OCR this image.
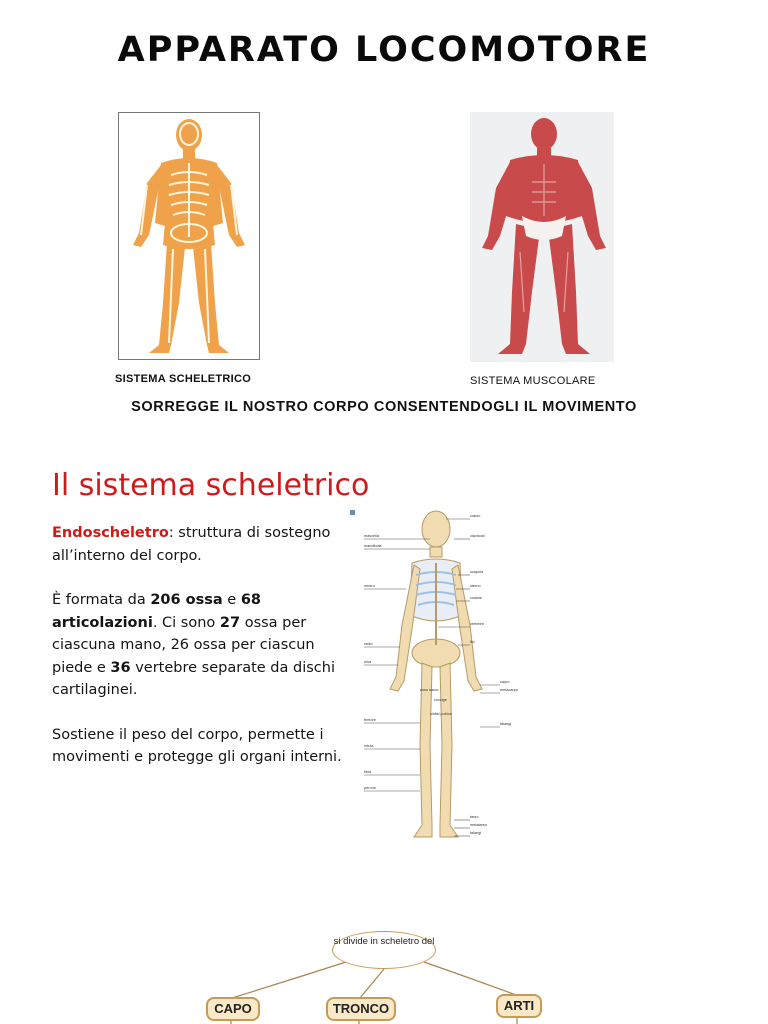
APPARATO LOCOMOTORE
SISTEMA SCHELETRICO	SISTEMA MUSCOLARE
SORREGGE IL NOSTRO CORPO CONSENTENDOGLI IL MOVIMENTO
Il sistema scheletrico

Endoscheletro: struttura di sostegno all’interno del corpo.

È formata da 206 ossa e 68 articolazioni. Ci sono 27 ossa per ciascuna mano, 26 ossa per ciascun piede e 36 vertebre separate da dischi cartilaginei.

Sostiene il peso del corpo, permette i movimenti e protegge gli organi interni.

mascella
mandibola
omero
radio
ulna
femore
rotula
tibia
perone
cranio
clavicola
scapola
sterno
costole
vertebre
ilio
carpo
metacarpo
falangi
tarso
metatarso
falangi
osso sacro
coccige
sinfisi pubica
si divide in scheletro del
CAPO	TRONCO	ARTI
